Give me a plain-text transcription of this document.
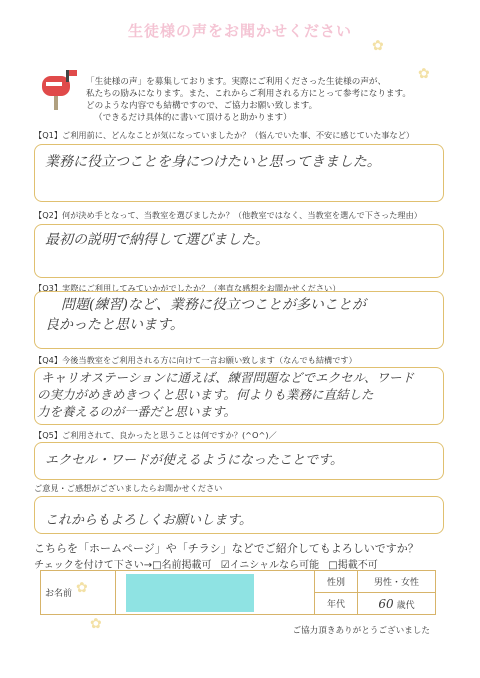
✿
✿
✿
✿
生徒様の声をお聞かせください
「生徒様の声」を募集しております。実際にご利用くださった生徒様の声が、
私たちの励みになります。また、これからご利用される方にとって参考になります。
どのような内容でも結構ですので、ご協力お願い致します。
（できるだけ具体的に書いて頂けると助かります）
【Q1】ご利用前に、どんなことが気になっていましたか？（悩んでいた事、不安に感じていた事など）
業務に役立つことを身につけたいと思ってきました。
【Q2】何が決め手となって、当教室を選びましたか？（他教室ではなく、当教室を選んで下さった理由）
最初の説明で納得して選びました。
【Q3】実際にご利用してみていかがでしたか？（率直な感想をお聞かせください）
問題(練習)など、業務に役立つことが多いことが
良かったと思います。
【Q4】今後当教室をご利用される方に向けて一言お願い致します（なんでも結構です）
キャリオステーションに通えば、練習問題などでエクセル、ワード
の実力がめきめきつくと思います。何よりも業務に直結した
力を養えるのが一番だと思います。
【Q5】ご利用されて、良かったと思うことは何ですか？(^O^)／
エクセル・ワードが使えるようになったことです。
ご意見・ご感想がございましたらお聞かせください
これからもよろしくお願いします。
こちらを「ホームページ」や「チラシ」などでご紹介してもよろしいですか？
チェックを付けて下さい→□名前掲載可 ☑イニシャルなら可能 □掲載不可
お名前		性別	男性・女性
		年代	60 歳代
ご協力頂きありがとうございました
